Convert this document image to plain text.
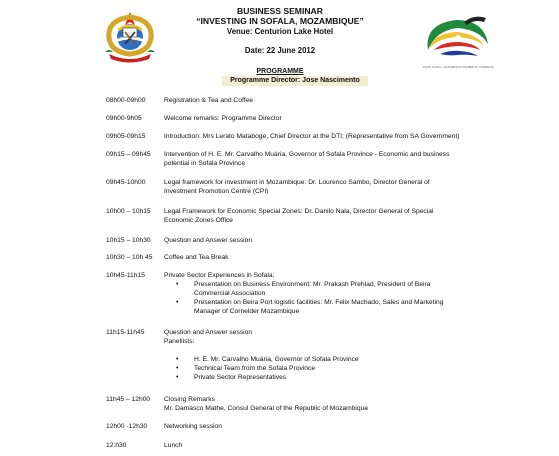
SOUTH AFRICA – MOZAMBIQUE CHAMBER OF COMMERCE
BUSINESS SEMINAR
“INVESTING IN SOFALA, MOZAMBIQUE”
Venue: Centurion Lake Hotel
Date: 22 June 2012
PROGRAMME
Programme Director: Jose Nascimento
08h00-09h00	Registration & Tea and Coffee
09h00-9h05	Welcome remarks: Programme Director
09h05-09h15	Introduction: Mrs Lerato Mataboge, Chief Director at the DTI; (Representative from SA Government)
09h15 – 09h45 Intervention of H. E. Mr. Carvalho Muária, Governor of Sofala Province - Economic and business potential in Sofala Province
09h45-10h00	Legal framework for investment in Mozambique: Dr. Lourenco Sambo, Director General of Investment Promotion Centre (CPI)
10h00 – 10h15 Legal Framework for Economic Special Zones: Dr. Danilo Nala, Director General of Special Economic Zones Office
10h15 – 10h30 Question and Answer session
10h30 – 10h 45 Coffee and Tea Break
10h45-11h15	Private Sector Experiences in Sofala:

• Presentation on Business Environment: Mr. Prakash Prehlad, President of Beira Commercial Association
• Presentation on Beira Port logistic facilities: Mr. Felix Machado, Sales and Marketing Manager of Cornelder Mozambique
11h15-11h45	Question and Answer session

Panellists:

• H. E. Mr. Carvalho Muária, Governor of Sofala Province
• Technical Team from the Sofala Province
• Private Sector Representatives
11h45 – 12h00 Closing Remarks

Mr. Damasco Mathe, Consul General of the Republic of Mozambique

12h00 -12h30 Networking session
12:h30	Lunch
